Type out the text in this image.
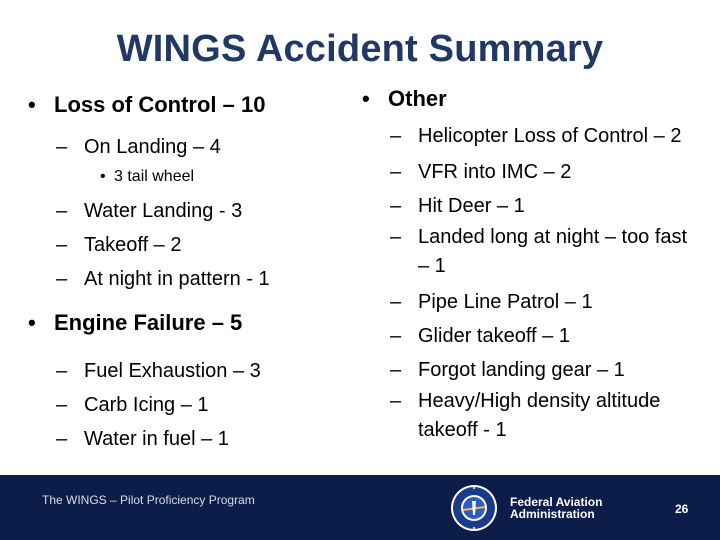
WINGS Accident Summary
• Loss of Control – 10
– On Landing – 4
• 3 tail wheel
– Water Landing - 3
– Takeoff – 2
– At night in pattern - 1
• Engine Failure – 5
– Fuel Exhaustion – 3
– Carb Icing – 1
– Water in fuel – 1
• Other
– Helicopter Loss of Control – 2
– VFR into IMC – 2
– Hit Deer – 1
– Landed long at night – too fast – 1
– Pipe Line Patrol – 1
– Glider takeoff – 1
– Forgot landing gear – 1
– Heavy/High density altitude takeoff - 1
The WINGS – Pilot Proficiency Program	Federal Aviation
Administration	26
